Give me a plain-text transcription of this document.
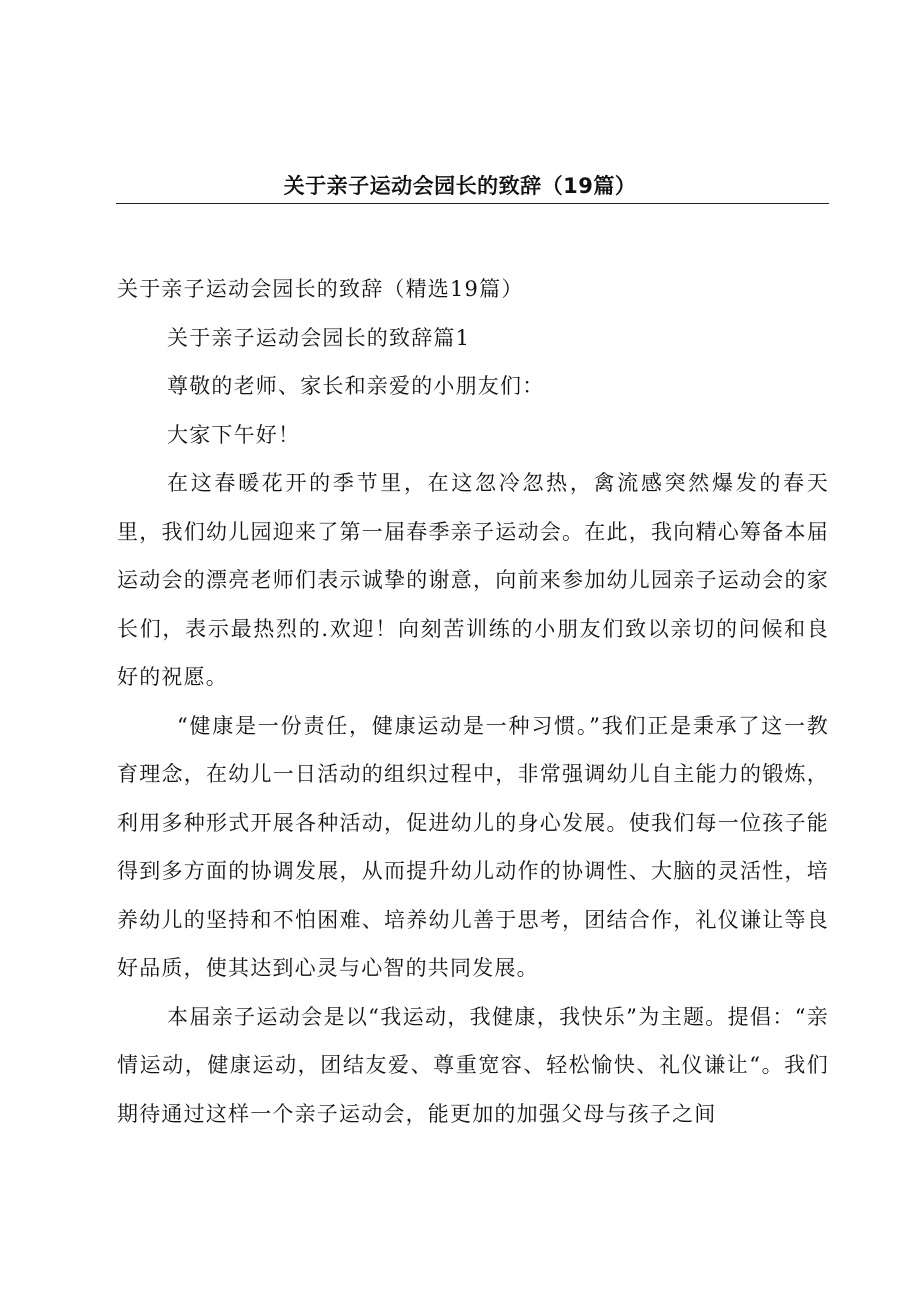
关于亲子运动会园长的致辞（19篇）

关于亲子运动会园长的致辞（精选19篇）

关于亲子运动会园长的致辞篇1

尊敬的老师、家长和亲爱的小朋友们：

大家下午好！

在这春暖花开的季节里，在这忽冷忽热，禽流感突然爆发的春天里，我们幼儿园迎来了第一届春季亲子运动会。在此，我向精心筹备本届运动会的漂亮老师们表示诚挚的谢意，向前来参加幼儿园亲子运动会的家长们，表示最热烈的.欢迎！向刻苦训练的小朋友们致以亲切的问候和良好的祝愿。

“健康是一份责任，健康运动是一种习惯。”我们正是秉承了这一教育理念，在幼儿一日活动的组织过程中，非常强调幼儿自主能力的锻炼，利用多种形式开展各种活动，促进幼儿的身心发展。使我们每一位孩子能得到多方面的协调发展，从而提升幼儿动作的协调性、大脑的灵活性，培养幼儿的坚持和不怕困难、培养幼儿善于思考，团结合作，礼仪谦让等良好品质，使其达到心灵与心智的共同发展。

本届亲子运动会是以“我运动，我健康，我快乐”为主题。提倡：“亲情运动，健康运动，团结友爱、尊重宽容、轻松愉快、礼仪谦让“。我们期待通过这样一个亲子运动会，能更加的加强父母与孩子之间
